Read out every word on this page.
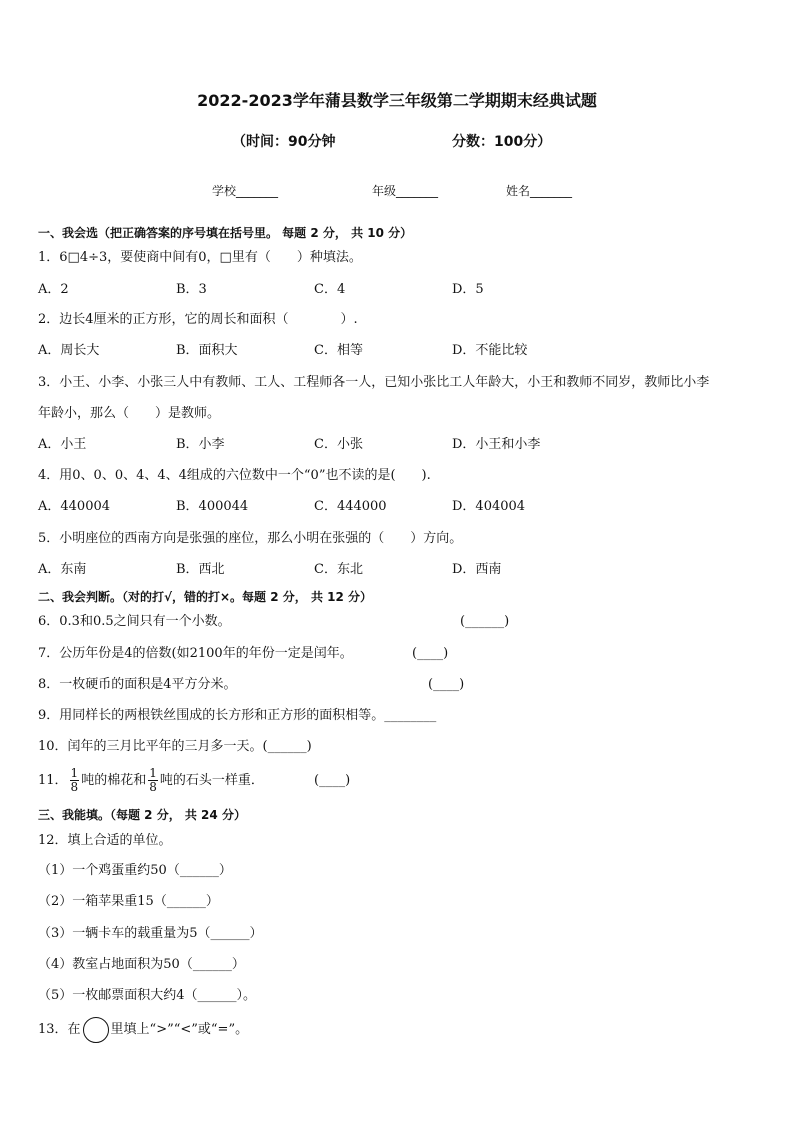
2022-2023学年蒲县数学三年级第二学期期末经典试题
（时间：90分钟	分数：100分）
学校_______	年级_______	姓名_______
一、我会选（把正确答案的序号填在括号里。 每题 2 分， 共 10 分）
1．6□4÷3，要使商中间有0，□里有（　　）种填法。
A．2	B．3	C．4	D．5
2．边长4厘米的正方形，它的周长和面积（　　　　）.
A．周长大	B．面积大	C．相等	D．不能比较
3．小王、小李、小张三人中有教师、工人、工程师各一人，已知小张比工人年龄大，小王和教师不同岁，教师比小李
年龄小，那么（　　）是教师。
A．小王	B．小李	C．小张	D．小王和小李
4．用0、0、0、4、4、4组成的六位数中一个“0”也不读的是(　　).
A．440004	B．400044	C．444000	D．404004
5．小明座位的西南方向是张强的座位，那么小明在张强的（　　）方向。
A．东南	B．西北	C．东北	D．西南
二、我会判断。（对的打√，错的打×。每题 2 分， 共 12 分）
6．0.3和0.5之间只有一个小数。	(______)
7．公历年份是4的倍数(如2100年的年份一定是闰年。	(____)
8．一枚硬币的面积是4平方分米。	(____)
9．用同样长的两根铁丝围成的长方形和正方形的面积相等。________
10．闰年的三月比平年的三月多一天。(______)
11． $\frac{1}{8}$ 吨的棉花和 $\frac{1}{8}$ 吨的石头一样重．	(____)
三、我能填。（每题 2 分， 共 24 分）
12．填上合适的单位。
（1）一个鸡蛋重约50（______）
（2）一箱苹果重15（______）
（3）一辆卡车的载重量为5（______）
（4）教室占地面积为50（______）
（5）一枚邮票面积大约4（______）。
13．在 里填上“>”“<”或“=”。
